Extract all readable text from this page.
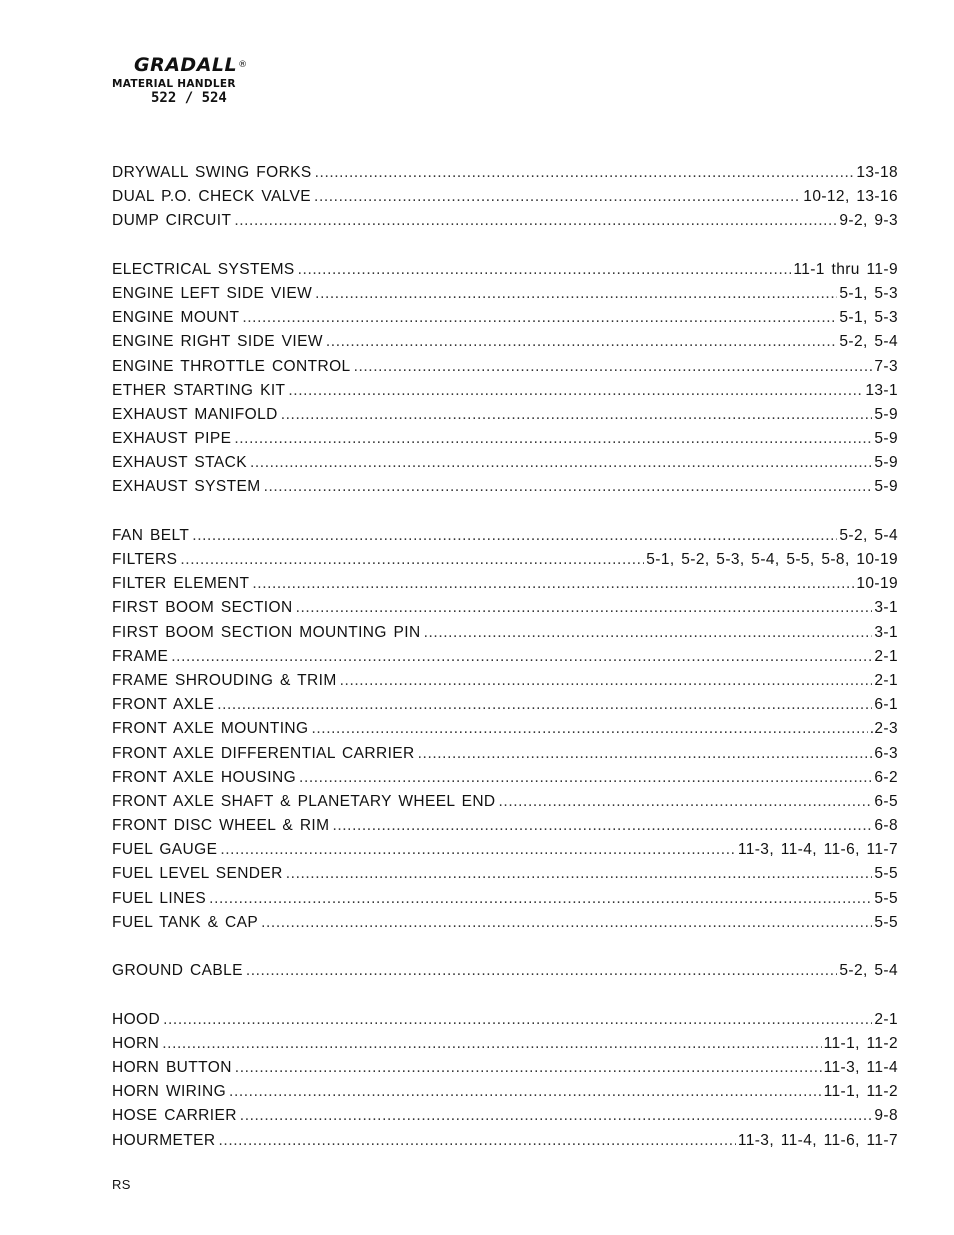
GRADALL®
MATERIAL HANDLER
522 / 524
DRYWALL SWING FORKS .....	13-18
DUAL P.O. CHECK VALVE .....	10-12, 13-16
DUMP CIRCUIT .....	9-2, 9-3
ELECTRICAL SYSTEMS .....	11-1 thru 11-9
ENGINE LEFT SIDE VIEW .....	5-1, 5-3
ENGINE MOUNT .....	5-1, 5-3
ENGINE RIGHT SIDE VIEW .....	5-2, 5-4
ENGINE THROTTLE CONTROL .....	7-3
ETHER STARTING KIT .....	13-1
EXHAUST MANIFOLD .....	5-9
EXHAUST PIPE .....	5-9
EXHAUST STACK .....	5-9
EXHAUST SYSTEM .....	5-9
FAN BELT .....	5-2, 5-4
FILTERS .....	5-1, 5-2, 5-3, 5-4, 5-5, 5-8, 10-19
FILTER ELEMENT .....	10-19
FIRST BOOM SECTION .....	3-1
FIRST BOOM SECTION MOUNTING PIN .....	3-1
FRAME .....	2-1
FRAME SHROUDING & TRIM .....	2-1
FRONT AXLE .....	6-1
FRONT AXLE MOUNTING .....	.2-3
FRONT AXLE DIFFERENTIAL CARRIER .....	6-3
FRONT AXLE HOUSING .....	6-2
FRONT AXLE SHAFT & PLANETARY WHEEL END .....	6-5
FRONT DISC WHEEL & RIM .....	6-8
FUEL GAUGE .....	11-3, 11-4, 11-6, 11-7
FUEL LEVEL SENDER .....	5-5
FUEL LINES .....	5-5
FUEL TANK & CAP .....	5-5
GROUND CABLE .....	5-2, 5-4
HOOD .....	2-1
HORN .....	11-1, 11-2
HORN BUTTON .....	11-3, 11-4
HORN WIRING .....	11-1, 11-2
HOSE CARRIER .....	9-8
HOURMETER .....	11-3, 11-4, 11-6, 11-7
RS
